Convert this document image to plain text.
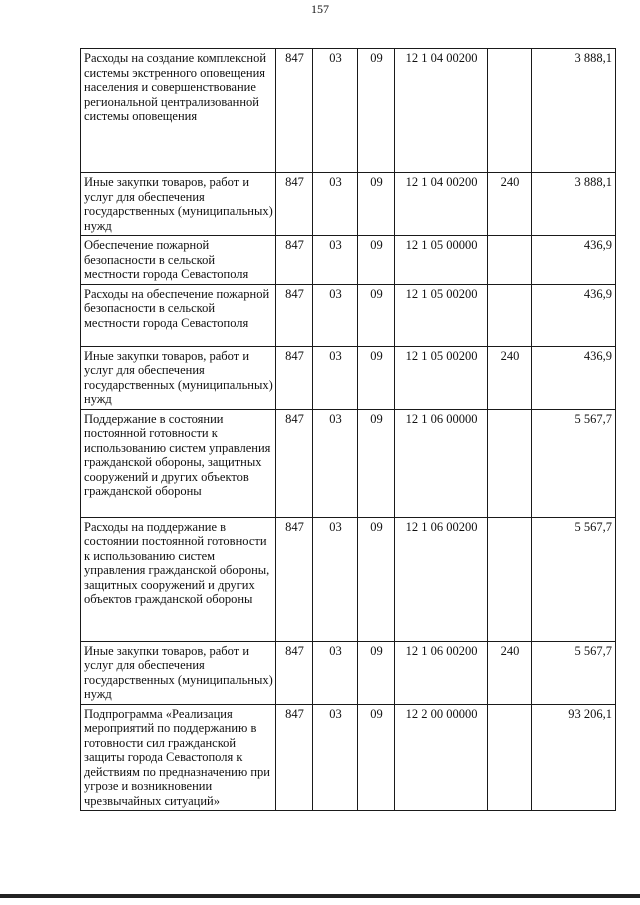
157
Расходы на создание комплексной системы экстренного оповещения населения и совершенствование региональной централизованной системы оповещения	847	03	09	12 1 04 00200		3 888,1
Иные закупки товаров, работ и услуг для обеспечения государственных (муниципальных) нужд	847	03	09	12 1 04 00200	240	3 888,1
Обеспечение пожарной безопасности в сельской местности города Севастополя	847	03	09	12 1 05 00000		436,9
Расходы на обеспечение пожарной безопасности в сельской местности города Севастополя	847	03	09	12 1 05 00200		436,9
Иные закупки товаров, работ и услуг для обеспечения государственных (муниципальных) нужд	847	03	09	12 1 05 00200	240	436,9
Поддержание в состоянии постоянной готовности к использованию систем управления гражданской обороны, защитных сооружений и других объектов гражданской обороны	847	03	09	12 1 06 00000		5 567,7
Расходы на поддержание в состоянии постоянной готовности к использованию систем управления гражданской обороны, защитных сооружений и других объектов гражданской обороны	847	03	09	12 1 06 00200		5 567,7
Иные закупки товаров, работ и услуг для обеспечения государственных (муниципальных) нужд	847	03	09	12 1 06 00200	240	5 567,7
Подпрограмма «Реализация мероприятий по поддержанию в готовности сил гражданской защиты города Севастополя к действиям по предназначению при угрозе и возникновении чрезвычайных ситуаций»	847	03	09	12 2 00 00000		93 206,1
